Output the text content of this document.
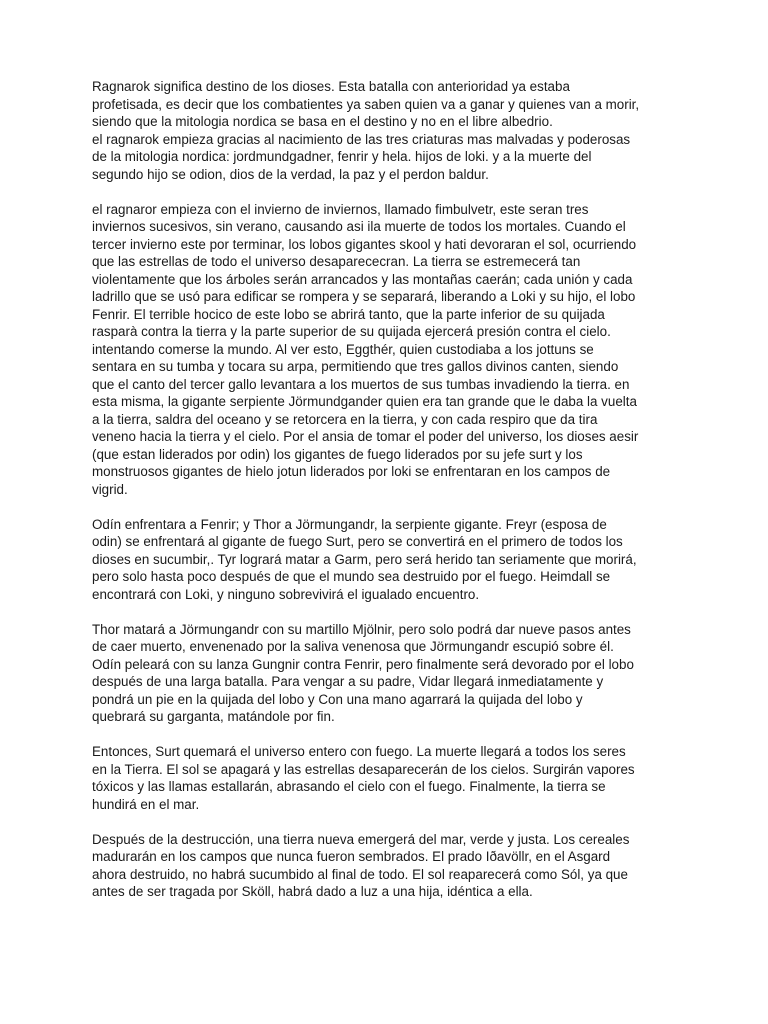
Ragnarok significa destino de los dioses. Esta batalla con anterioridad ya estaba
profetisada, es decir que los combatientes ya saben quien va a ganar y quienes van a morir,
siendo que la mitologia nordica se basa en el destino y no en el libre albedrio.
el ragnarok empieza gracias al nacimiento de las tres criaturas mas malvadas y poderosas
de la mitologia nordica: jordmundgadner, fenrir y hela. hijos de loki. y a la muerte del
segundo hijo se odion, dios de la verdad, la paz y el perdon baldur.

el ragnaror empieza con el invierno de inviernos, llamado fimbulvetr, este seran tres
inviernos sucesivos, sin verano, causando asi ila muerte de todos los mortales. Cuando el
tercer invierno este por terminar, los lobos gigantes skool y hati devoraran el sol, ocurriendo
que las estrellas de todo el universo desaparececran. La tierra se estremecerá tan
violentamente que los árboles serán arrancados y las montañas caerán; cada unión y cada
ladrillo que se usó para edificar se rompera y se separará, liberando a Loki y su hijo, el lobo
Fenrir. El terrible hocico de este lobo se abrirá tanto, que la parte inferior de su quijada
rasparà contra la tierra y la parte superior de su quijada ejercerá presión contra el cielo.
intentando comerse la mundo. Al ver esto, Eggthér, quien custodiaba a los jottuns se
sentara en su tumba y tocara su arpa, permitiendo que tres gallos divinos canten, siendo
que el canto del tercer gallo levantara a los muertos de sus tumbas invadiendo la tierra. en
esta misma, la gigante serpiente Jörmundgander quien era tan grande que le daba la vuelta
a la tierra, saldra del oceano y se retorcera en la tierra, y con cada respiro que da tira
veneno hacia la tierra y el cielo. Por el ansia de tomar el poder del universo, los dioses aesir
(que estan liderados por odin) los gigantes de fuego liderados por su jefe surt y los
monstruosos gigantes de hielo jotun liderados por loki se enfrentaran en los campos de
vigrid.

Odín enfrentara a Fenrir; y Thor a Jörmungandr, la serpiente gigante. Freyr (esposa de
odin) se enfrentará al gigante de fuego Surt, pero se convertirá en el primero de todos los
dioses en sucumbir,. Tyr logrará matar a Garm, pero será herido tan seriamente que morirá,
pero solo hasta poco después de que el mundo sea destruido por el fuego. Heimdall se
encontrará con Loki, y ninguno sobrevivirá el igualado encuentro.

Thor matará a Jörmungandr con su martillo Mjölnir, pero solo podrá dar nueve pasos antes
de caer muerto, envenenado por la saliva venenosa que Jörmungandr escupió sobre él.
Odín peleará con su lanza Gungnir contra Fenrir, pero finalmente será devorado por el lobo
después de una larga batalla. Para vengar a su padre, Vidar llegará inmediatamente y
pondrá un pie en la quijada del lobo y Con una mano agarrará la quijada del lobo y
quebrará su garganta, matándole por fin.

Entonces, Surt quemará el universo entero con fuego. La muerte llegará a todos los seres
en la Tierra. El sol se apagará y las estrellas desaparecerán de los cielos. Surgirán vapores
tóxicos y las llamas estallarán, abrasando el cielo con el fuego. Finalmente, la tierra se
hundirá en el mar.

Después de la destrucción, una tierra nueva emergerá del mar, verde y justa. Los cereales
madurarán en los campos que nunca fueron sembrados. El prado Iðavöllr, en el Asgard
ahora destruido, no habrá sucumbido al final de todo. El sol reaparecerá como Sól, ya que
antes de ser tragada por Sköll, habrá dado a luz a una hija, idéntica a ella.
